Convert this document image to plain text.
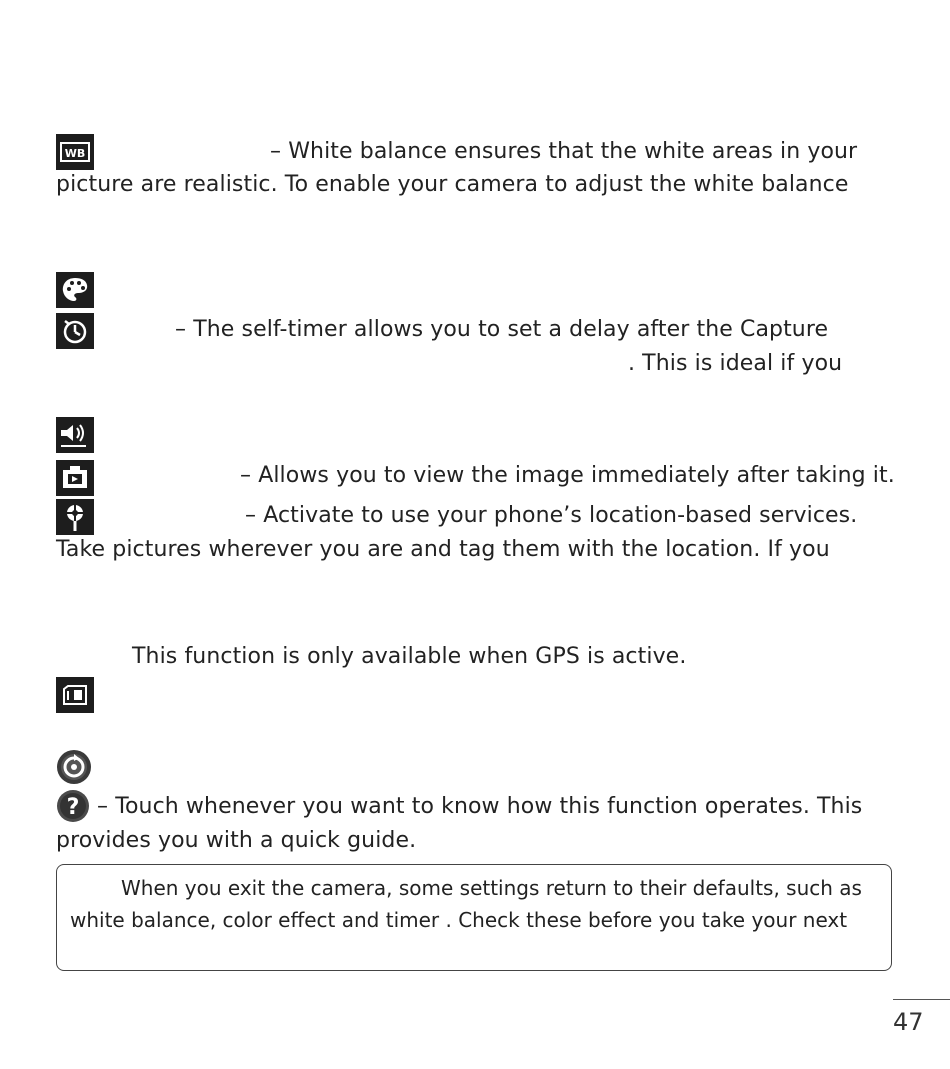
WB	– White balance ensures that the white areas in your
picture are realistic. To enable your camera to adjust the white balance
– The self-timer allows you to set a delay after the Capture
. This is ideal if you
– Allows you to view the image immediately after taking it.
– Activate to use your phone’s location-based services.
Take pictures wherever you are and tag them with the location. If you
This function is only available when GPS is active.
? – Touch whenever you want to know how this function operates. This
provides you with a quick guide.
When you exit the camera, some settings return to their defaults, such as
white balance, color effect and timer . Check these before you take your next
47
